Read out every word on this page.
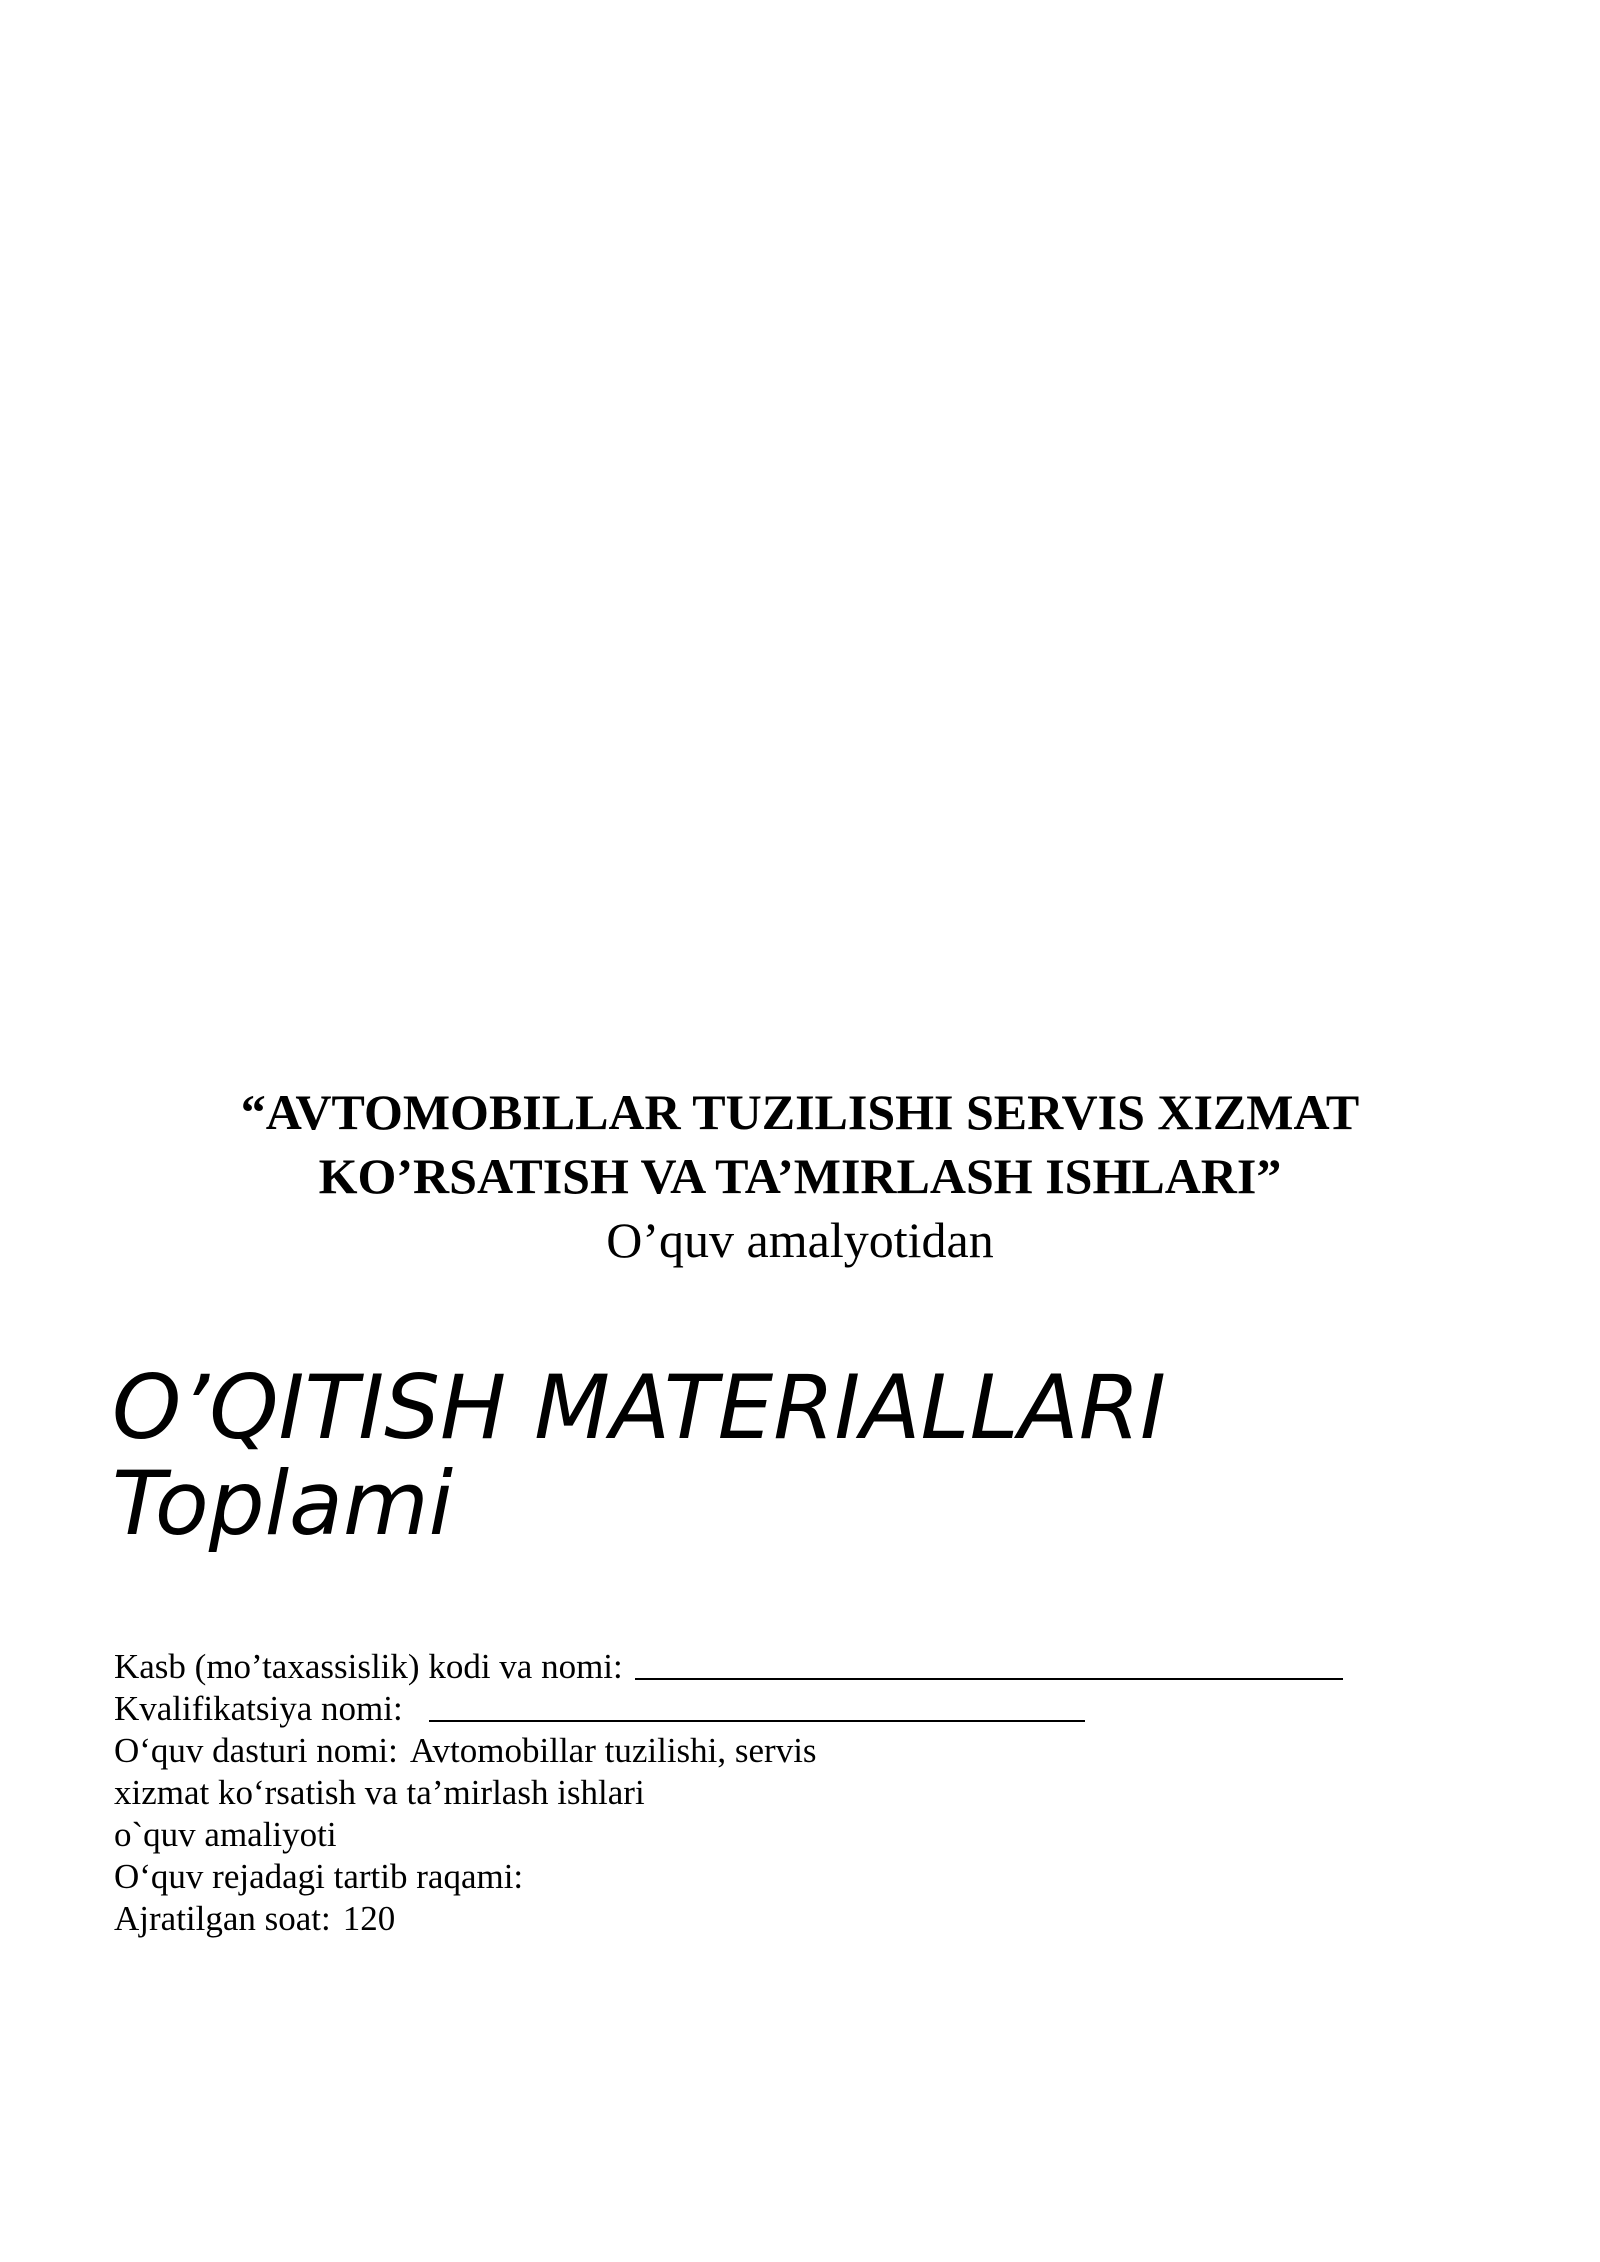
“AVTOMOBILLAR TUZILISHI SERVIS XIZMAT
KO’RSATISH VA TA’MIRLASH ISHLARI”
O’quv amalyotidan
O’QITISH MATERIALLARI
Toplami
Kasb (mo’taxassislik) kodi va nomi:
Kvalifikatsiya nomi:
O‘quv dasturi nomi: Avtomobillar tuzilishi, servis
xizmat ko‘rsatish va ta’mirlash ishlari
o`quv amaliyoti
O‘quv rejadagi tartib raqami:
Ajratilgan soat: 120
